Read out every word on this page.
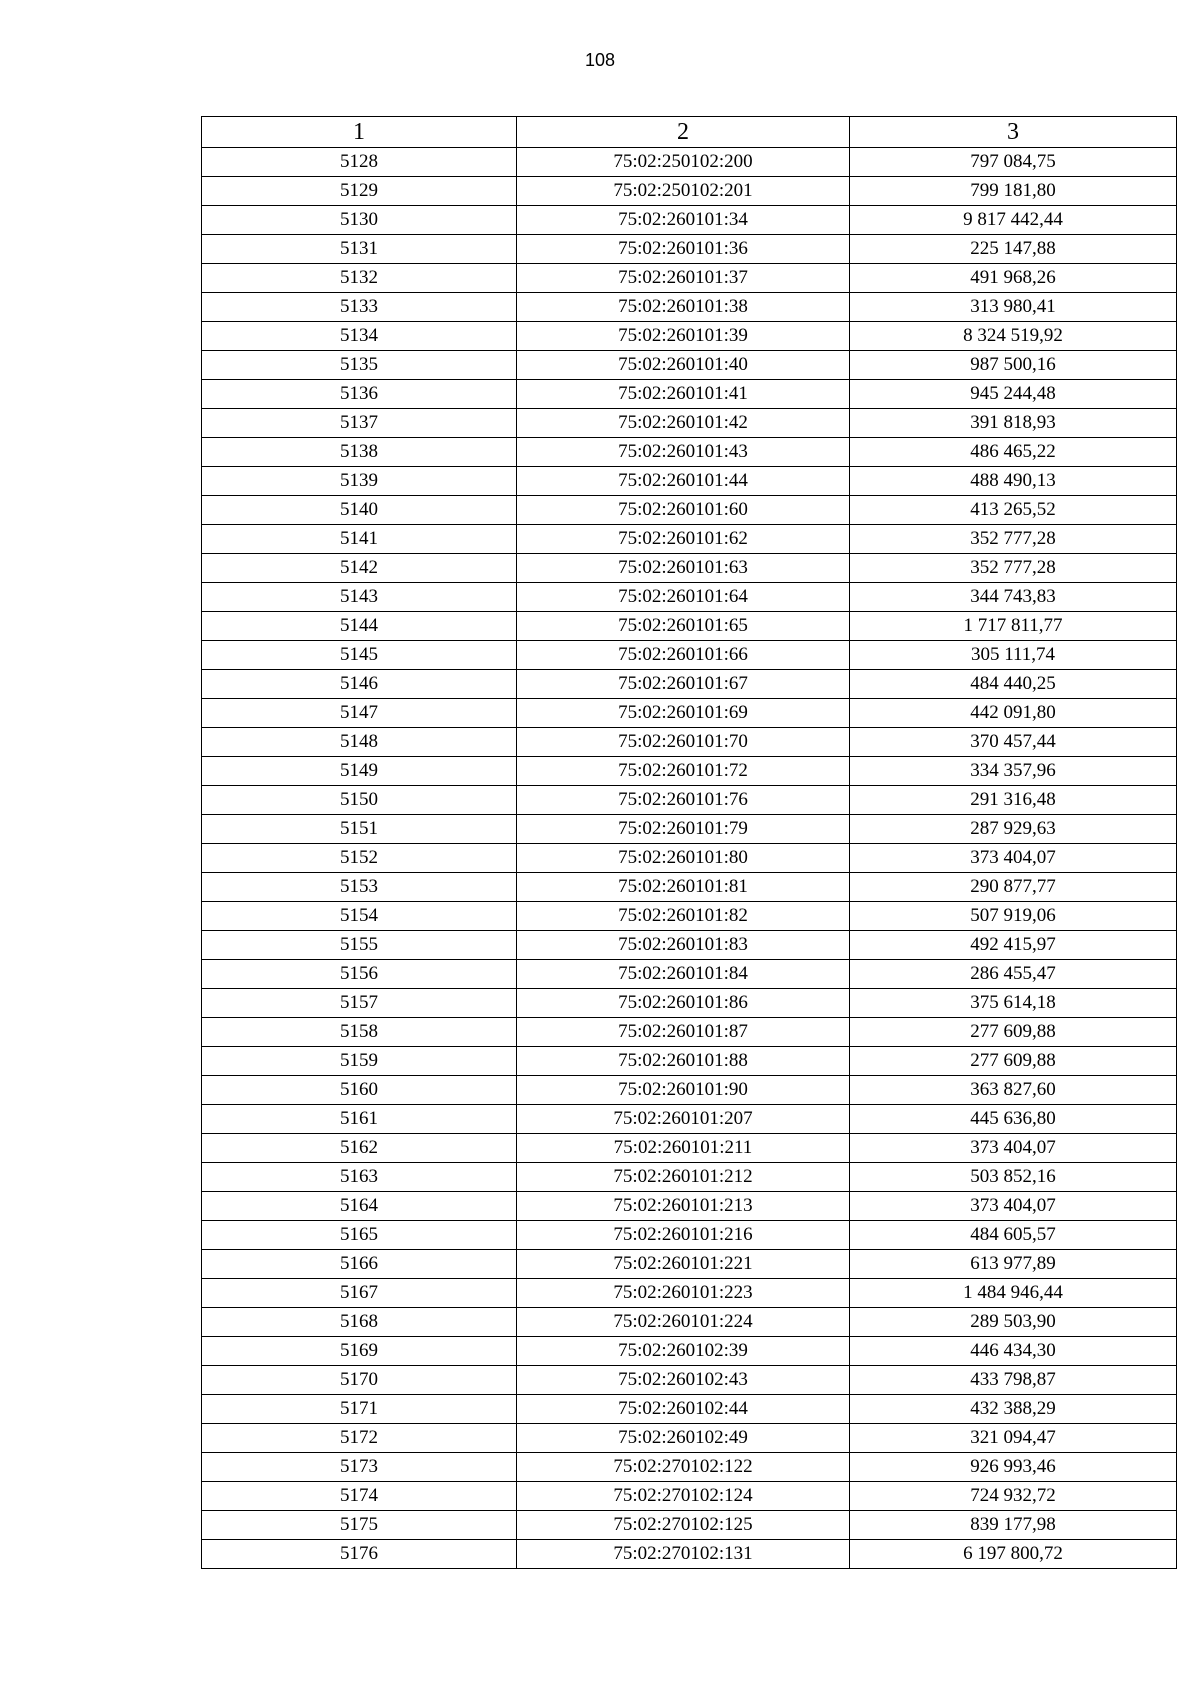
108
1	2	3
5128	75:02:250102:200	797 084,75
5129	75:02:250102:201	799 181,80
5130	75:02:260101:34	9 817 442,44
5131	75:02:260101:36	225 147,88
5132	75:02:260101:37	491 968,26
5133	75:02:260101:38	313 980,41
5134	75:02:260101:39	8 324 519,92
5135	75:02:260101:40	987 500,16
5136	75:02:260101:41	945 244,48
5137	75:02:260101:42	391 818,93
5138	75:02:260101:43	486 465,22
5139	75:02:260101:44	488 490,13
5140	75:02:260101:60	413 265,52
5141	75:02:260101:62	352 777,28
5142	75:02:260101:63	352 777,28
5143	75:02:260101:64	344 743,83
5144	75:02:260101:65	1 717 811,77
5145	75:02:260101:66	305 111,74
5146	75:02:260101:67	484 440,25
5147	75:02:260101:69	442 091,80
5148	75:02:260101:70	370 457,44
5149	75:02:260101:72	334 357,96
5150	75:02:260101:76	291 316,48
5151	75:02:260101:79	287 929,63
5152	75:02:260101:80	373 404,07
5153	75:02:260101:81	290 877,77
5154	75:02:260101:82	507 919,06
5155	75:02:260101:83	492 415,97
5156	75:02:260101:84	286 455,47
5157	75:02:260101:86	375 614,18
5158	75:02:260101:87	277 609,88
5159	75:02:260101:88	277 609,88
5160	75:02:260101:90	363 827,60
5161	75:02:260101:207	445 636,80
5162	75:02:260101:211	373 404,07
5163	75:02:260101:212	503 852,16
5164	75:02:260101:213	373 404,07
5165	75:02:260101:216	484 605,57
5166	75:02:260101:221	613 977,89
5167	75:02:260101:223	1 484 946,44
5168	75:02:260101:224	289 503,90
5169	75:02:260102:39	446 434,30
5170	75:02:260102:43	433 798,87
5171	75:02:260102:44	432 388,29
5172	75:02:260102:49	321 094,47
5173	75:02:270102:122	926 993,46
5174	75:02:270102:124	724 932,72
5175	75:02:270102:125	839 177,98
5176	75:02:270102:131	6 197 800,72
